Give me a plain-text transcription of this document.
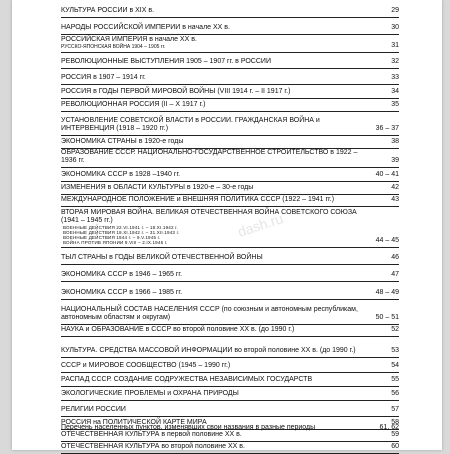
КУЛЬТУРА РОССИИ в XIX в.	29
НАРОДЫ РОССИЙСКОЙ ИМПЕРИИ в начале XX в.	30
РОССИЙСКАЯ ИМПЕРИЯ в начале XX в.
РУССКО-ЯПОНСКАЯ ВОЙНА 1904 – 1905 гг.	31
РЕВОЛЮЦИОННЫЕ ВЫСТУПЛЕНИЯ 1905 – 1907 гг. в РОССИИ	32
РОССИЯ в 1907 – 1914 гг.	33
РОССИЯ в ГОДЫ ПЕРВОЙ МИРОВОЙ ВОЙНЫ (VIII 1914 г. – II 1917 г.)	34
РЕВОЛЮЦИОННАЯ РОССИЯ (II – X 1917 г.)	35
УСТАНОВЛЕНИЕ СОВЕТСКОЙ ВЛАСТИ в РОССИИ. ГРАЖДАНСКАЯ ВОЙНА и ИНТЕРВЕНЦИЯ (1918 – 1920 гг.)	36 – 37
ЭКОНОМИКА СТРАНЫ в 1920-е годы	38
ОБРАЗОВАНИЕ СССР. НАЦИОНАЛЬНО-ГОСУДАРСТВЕННОЕ СТРОИТЕЛЬСТВО в 1922 – 1936 гг.	39
ЭКОНОМИКА СССР в 1928 –1940 гг.	40 – 41
ИЗМЕНЕНИЯ в ОБЛАСТИ КУЛЬТУРЫ в 1920-е – 30-е годы	42
МЕЖДУНАРОДНОЕ ПОЛОЖЕНИЕ и ВНЕШНЯЯ ПОЛИТИКА СССР (1922 – 1941 гг.)	43
ВТОРАЯ МИРОВАЯ ВОЙНА. ВЕЛИКАЯ ОТЕЧЕСТВЕННАЯ ВОЙНА СОВЕТСКОГО СОЮЗА (1941 – 1945 гг.)
ВОЕННЫЕ ДЕЙСТВИЯ 22.VI.1941 г. – 18.XI.1942 г.
ВОЕННЫЕ ДЕЙСТВИЯ 19.XI.1942 г. – 31.XII.1943 г.
ВОЕННЫЕ ДЕЙСТВИЯ 1944 г. – 9.V.1945 г.
ВОЙНА ПРОТИВ ЯПОНИИ 9.VIII – 2.IX.1945 г.	44 – 45
ТЫЛ СТРАНЫ в ГОДЫ ВЕЛИКОЙ ОТЕЧЕСТВЕННОЙ ВОЙНЫ	46
ЭКОНОМИКА СССР в 1946 – 1965 гг.	47
ЭКОНОМИКА СССР в 1966 – 1985 гг.	48 – 49
НАЦИОНАЛЬНЫЙ СОСТАВ НАСЕЛЕНИЯ СССР (по союзным и автономным республикам, автономным областям и округам)	50 – 51
НАУКА и ОБРАЗОВАНИЕ в СССР во второй половине XX в. (до 1990 г.)	52
КУЛЬТУРА. СРЕДСТВА МАССОВОЙ ИНФОРМАЦИИ во второй половине XX в. (до 1990 г.)	53
СССР и МИРОВОЕ СООБЩЕСТВО (1945 – 1990 гг.)	54
РАСПАД СССР. СОЗДАНИЕ СОДРУЖЕСТВА НЕЗАВИСИМЫХ ГОСУДАРСТВ	55
ЭКОЛОГИЧЕСКИЕ ПРОБЛЕМЫ и ОХРАНА ПРИРОДЫ	56
РЕЛИГИИ РОССИИ	57
РОССИЯ на ПОЛИТИЧЕСКОЙ КАРТЕ МИРА	58
ОТЕЧЕСТВЕННАЯ КУЛЬТУРА в первой половине XX в.	59
ОТЕЧЕСТВЕННАЯ КУЛЬТУРА во второй половине XX в.	60
Перечень населенных пунктов, изменявших свои названия в разные периоды	61, 62
dash.ru
